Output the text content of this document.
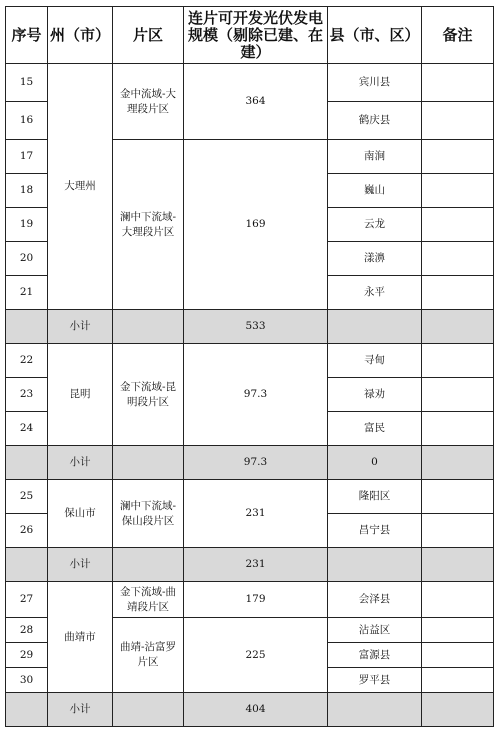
序号	州（市）	片区	连片可开发光伏发电规模（剔除已建、在建）	县（市、区）	备注
15	大理州	金中流域-大理段片区	364	宾川县	
16				鹤庆县	
17		澜中下流域-大理段片区	169	南涧	
18				巍山	
19				云龙	
20				漾濞	
21				永平	
	小计		533		
22	昆明	金下流域-昆明段片区	97.3	寻甸	
23				禄劝	
24				富民	
	小计		97.3	0	
25	保山市	澜中下流域-保山段片区	231	隆阳区	
26				昌宁县	
	小计		231		
27	曲靖市	金下流域-曲靖段片区	179	会泽县	
28		曲靖-沾富罗片区	225	沾益区	
29				富源县	
30				罗平县	
	小计		404		
